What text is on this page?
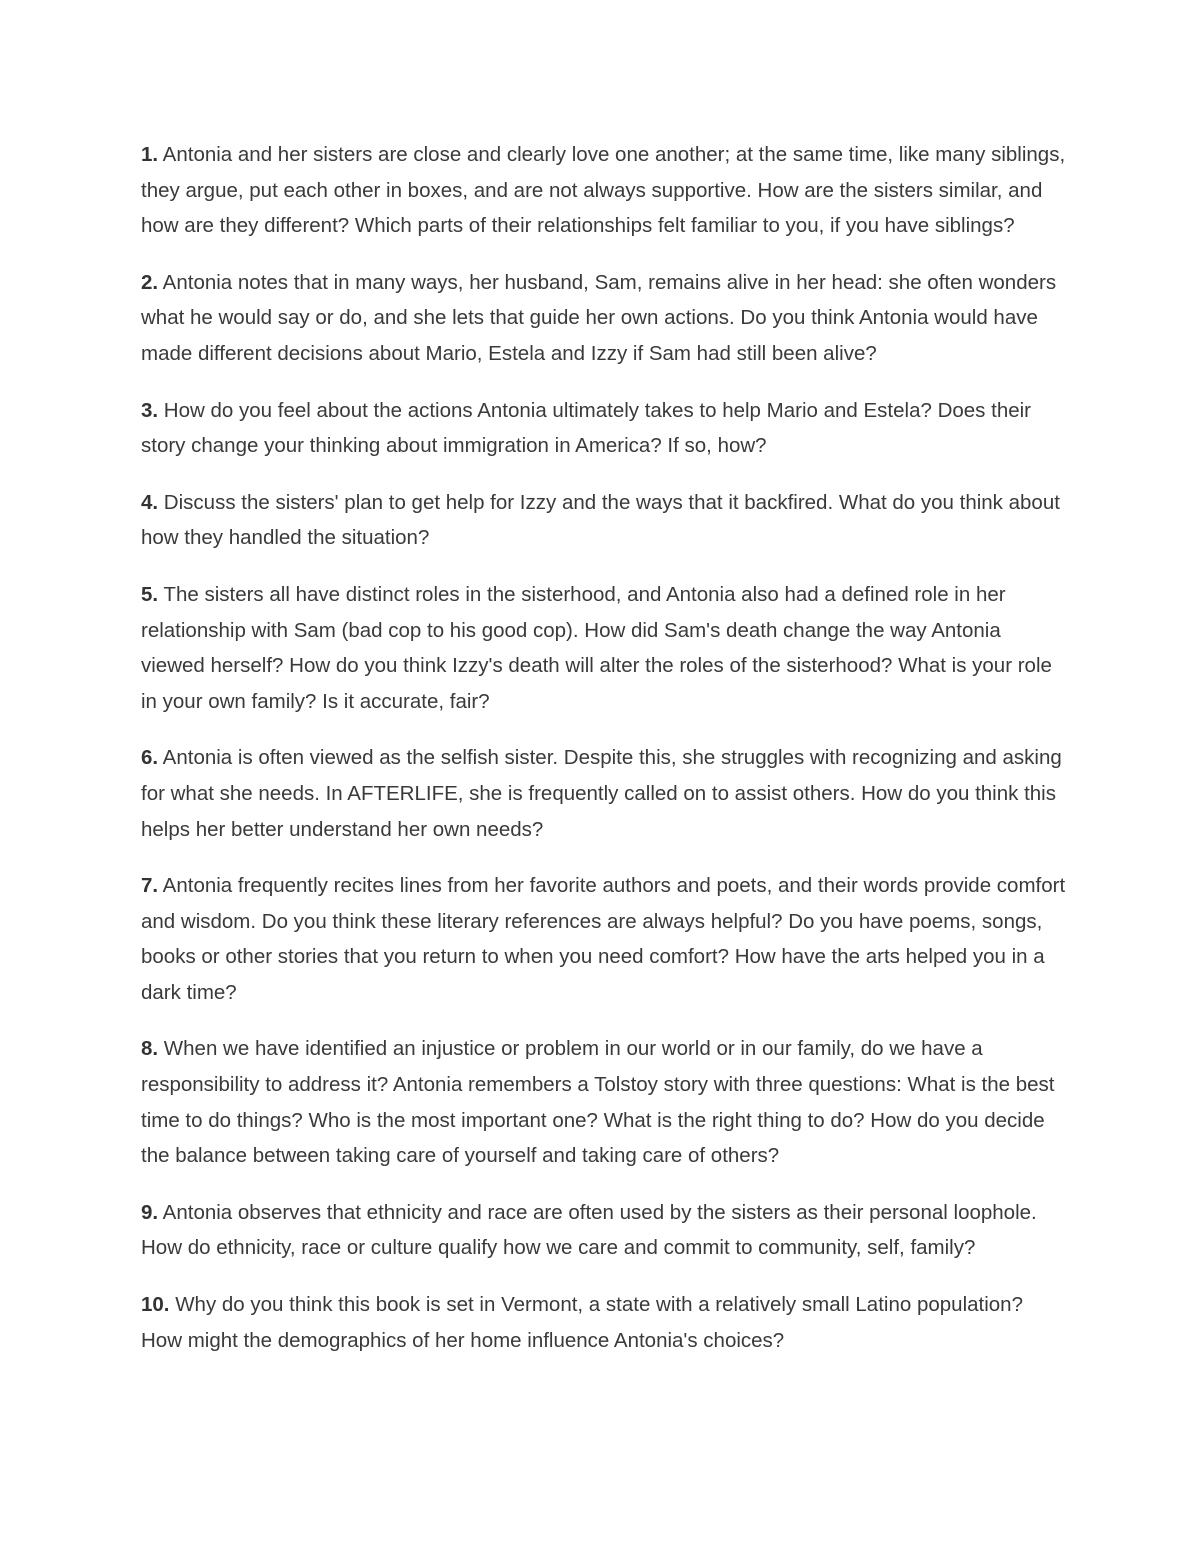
1. Antonia and her sisters are close and clearly love one another; at the same time, like many siblings, they argue, put each other in boxes, and are not always supportive. How are the sisters similar, and how are they different? Which parts of their relationships felt familiar to you, if you have siblings?

2. Antonia notes that in many ways, her husband, Sam, remains alive in her head: she often wonders what he would say or do, and she lets that guide her own actions. Do you think Antonia would have made different decisions about Mario, Estela and Izzy if Sam had still been alive?

3. How do you feel about the actions Antonia ultimately takes to help Mario and Estela? Does their story change your thinking about immigration in America? If so, how?

4. Discuss the sisters' plan to get help for Izzy and the ways that it backfired. What do you think about how they handled the situation?

5. The sisters all have distinct roles in the sisterhood, and Antonia also had a defined role in her relationship with Sam (bad cop to his good cop). How did Sam's death change the way Antonia viewed herself? How do you think Izzy's death will alter the roles of the sisterhood? What is your role in your own family? Is it accurate, fair?

6. Antonia is often viewed as the selfish sister. Despite this, she struggles with recognizing and asking for what she needs. In AFTERLIFE, she is frequently called on to assist others. How do you think this helps her better understand her own needs?

7. Antonia frequently recites lines from her favorite authors and poets, and their words provide comfort and wisdom. Do you think these literary references are always helpful? Do you have poems, songs, books or other stories that you return to when you need comfort? How have the arts helped you in a dark time?

8. When we have identified an injustice or problem in our world or in our family, do we have a responsibility to address it? Antonia remembers a Tolstoy story with three questions: What is the best time to do things? Who is the most important one? What is the right thing to do? How do you decide the balance between taking care of yourself and taking care of others?

9. Antonia observes that ethnicity and race are often used by the sisters as their personal loophole. How do ethnicity, race or culture qualify how we care and commit to community, self, family?

10. Why do you think this book is set in Vermont, a state with a relatively small Latino population? How might the demographics of her home influence Antonia's choices?
